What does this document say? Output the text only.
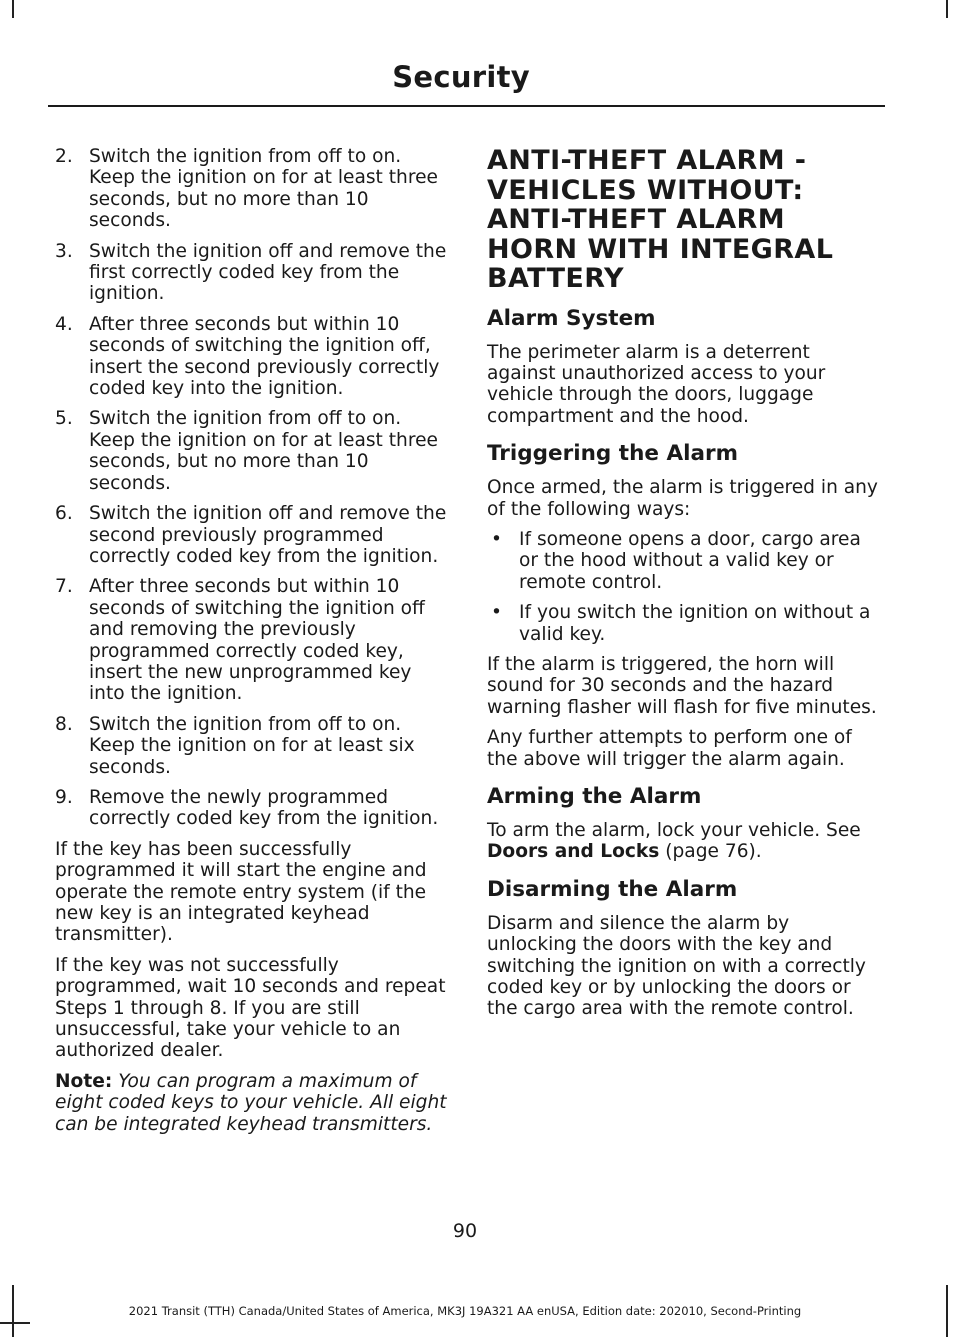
Security
2. Switch the ignition from off to on. Keep the ignition on for at least three seconds, but no more than 10 seconds.
3. Switch the ignition off and remove the first correctly coded key from the ignition.
4. After three seconds but within 10 seconds of switching the ignition off, insert the second previously correctly coded key into the ignition.
5. Switch the ignition from off to on. Keep the ignition on for at least three seconds, but no more than 10 seconds.
6. Switch the ignition off and remove the second previously programmed correctly coded key from the ignition.
7. After three seconds but within 10 seconds of switching the ignition off and removing the previously programmed correctly coded key, insert the new unprogrammed key into the ignition.
8. Switch the ignition from off to on. Keep the ignition on for at least six seconds.
9. Remove the newly programmed correctly coded key from the ignition.

If the key has been successfully programmed it will start the engine and operate the remote entry system (if the new key is an integrated keyhead transmitter).

If the key was not successfully programmed, wait 10 seconds and repeat Steps 1 through 8. If you are still unsuccessful, take your vehicle to an authorized dealer.

Note: You can program a maximum of eight coded keys to your vehicle. All eight can be integrated keyhead transmitters.

ANTI-THEFT ALARM - VEHICLES WITHOUT: ANTI-THEFT ALARM HORN WITH INTEGRAL BATTERY
Alarm System

The perimeter alarm is a deterrent against unauthorized access to your vehicle through the doors, luggage compartment and the hood.

Triggering the Alarm

Once armed, the alarm is triggered in any of the following ways:

• If someone opens a door, cargo area or the hood without a valid key or remote control.
• If you switch the ignition on without a valid key.

If the alarm is triggered, the horn will sound for 30 seconds and the hazard warning flasher will flash for five minutes.

Any further attempts to perform one of the above will trigger the alarm again.

Arming the Alarm

To arm the alarm, lock your vehicle. See Doors and Locks (page 76).

Disarming the Alarm

Disarm and silence the alarm by unlocking the doors with the key and switching the ignition on with a correctly coded key or by unlocking the doors or the cargo area with the remote control.

90
2021 Transit (TTH) Canada/United States of America, MK3J 19A321 AA enUSA, Edition date: 202010, Second-Printing
